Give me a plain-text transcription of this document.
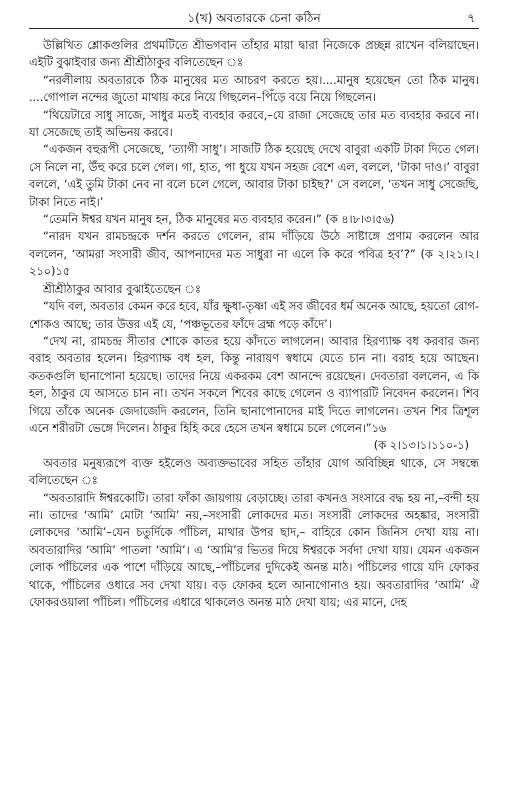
১(খ) অবতারকে চেনা কঠিন	৭

উল্লিখিত শ্লোকগুলির প্রথমটিতে শ্রীভগবান তাঁহার মায়া দ্বারা নিজেকে প্রচ্ছন্ন রাখেন বলিয়াছেন। এইটি বুঝাইবার জন্য শ্রীশ্রীঠাকুর বলিতেছেন ঃ

“নরলীলায় অবতারকে ঠিক মানুষের মত আচরণ করতে হয়।....মানুষ হয়েছেন তো ঠিক মানুষ। ....গোপাল নন্দের জুতো মাথায় করে নিয়ে গিছলেন–পিঁড়ে বয়ে নিয়ে গিছলেন।

“থিয়েটারে সাধু সাজে, সাধুর মতই ব্যবহার করবে,–যে রাজা সেজেছে তার মত ব্যবহার করবে না। যা সেজেছে তাই অভিনয় করবে।

“একজন বহুরূপী সেজেছে, ‘ত্যাগী সাধু’। সাজটি ঠিক হয়েছে দেখে বাবুরা একটি টাকা দিতে গেল। সে নিলে না, উঁহু করে চলে গেল। গা, হাত, পা ধুয়ে যখন সহজ বেশে এল, বললে, ‘টাকা দাও।’ বাবুরা বললে, ‘এই তুমি টাকা নেব না বলে চলে গেলে, আবার টাকা চাইছ?’ সে বললে, ‘তখন সাধু সেজেছি, টাকা নিতে নাই।’

“তেমনি ঈশ্বর যখন মানুষ হন, ঠিক মানুষের মত ব্যবহার করেন।” (ক ৪।৮।৩।৫৬)

“নারদ যখন রামচন্দ্রকে দর্শন করতে গেলেন, রাম দাঁড়িয়ে উঠে সাষ্টাঙ্গে প্রণাম করলেন আর বললেন, ‘আমরা সংসারী জীব, আপনাদের মত সাধুরা না এলে কি করে পবিত্র হব’?” (ক ২।২১।২।২১০)১৫

শ্রীশ্রীঠাকুর আবার বুঝাইতেছেন ঃ

“যদি বল, অবতার কেমন করে হবে, যাঁর ক্ষুধা-তৃষ্ণা এই সব জীবের ধর্ম অনেক আছে, হয়তো রোগ-শোকও আছে; তার উত্তর এই যে, ‘পঞ্চভূতের ফাঁদে ব্রহ্ম পড়ে কাঁদে’।

“দেখ না, রামচন্দ্র সীতার শোকে কাতর হয়ে কাঁদতে লাগলেন। আবার হিরণ্যাক্ষ বধ করবার জন্য বরাহ অবতার হলেন। হিরণ্যাক্ষ বধ হল, কিন্তু নারায়ণ স্বধামে যেতে চান না। বরাহ হয়ে আছেন। কতকগুলি ছানাপোনা হয়েছে। তাদের নিয়ে একরকম বেশ আনন্দে রয়েছেন। দেবতারা বললেন, এ কি হল, ঠাকুর যে আসতে চান না। তখন সকলে শিবের কাছে গেলেন ও ব্যাপারটি নিবেদন করলেন। শিব গিয়ে তাঁকে অনেক জেদাজেদি করলেন, তিনি ছানাপোনাদের মাই দিতে লাগলেন। তখন শিব ত্রিশূল এনে শরীরটা ভেঙ্গে দিলেন। ঠাকুর হিহি করে হেসে তখন স্বধামে চলে গেলেন।”১৬

(ক ২।১৩।১।১১০-১)

অবতার মনুষ্যরূপে ব্যক্ত হইলেও অব্যক্তভাবের সহিত তাঁহার যোগ অবিচ্ছিন্ন থাকে, সে সম্বন্ধে বলিতেছেন ঃ

“অবতারাদি ঈশ্বরকোটি। তারা ফাঁকা জায়গায় বেড়াচ্ছে। তারা কখনও সংসারে বদ্ধ হয় না,–বন্দী হয় না। তাদের ‘আমি’ মোটা ‘আমি’ নয়,–সংসারী লোকদের মত। সংসারী লোকদের অহঙ্কার, সংসারী লোকদের ‘আমি’–যেন চতুর্দিকে পাঁচিল, মাথার উপর ছাদ,– বাহিরে কোন জিনিস দেখা যায় না। অবতারাদির ‘আমি’ পাতলা ‘আমি’। এ ‘আমি’র ভিতর দিয়ে ঈশ্বরকে সর্বদা দেখা যায়। যেমন একজন লোক পাঁচিলের এক পাশে দাঁড়িয়ে আছে,–পাঁচিলের দুদিকেই অনন্ত মাঠ। পাঁচিলের গায়ে যদি ফোকর থাকে, পাঁচিলের ওধারে সব দেখা যায়। বড় ফোকর হলে আনাগোনাও হয়। অবতারাদির ‘আমি’ ঐ ফোকরওয়ালা পাঁচিল। পাঁচিলের এধারে থাকলেও অনন্ত মাঠ দেখা যায়; এর মানে, দেহ
